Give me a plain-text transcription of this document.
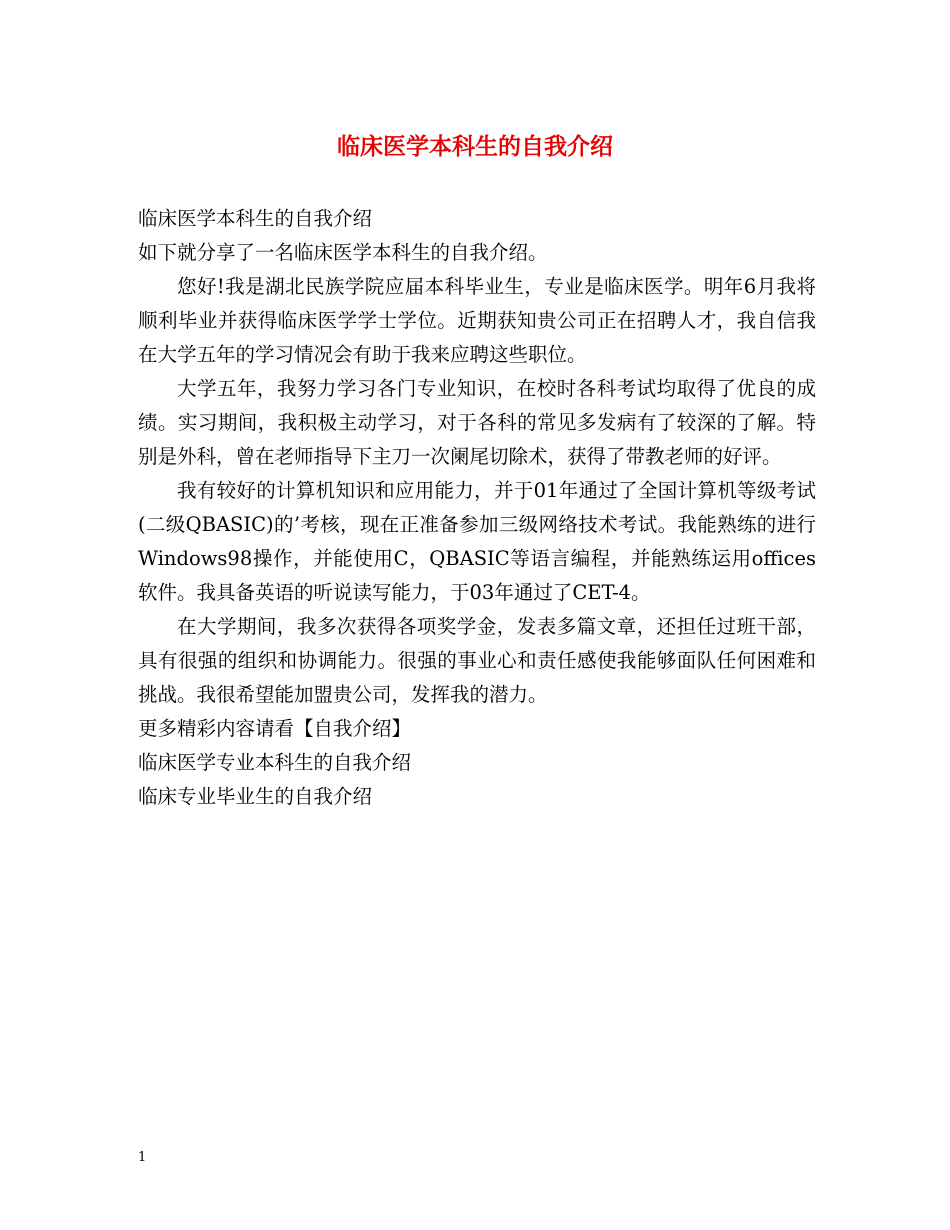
临床医学本科生的自我介绍

临床医学本科生的自我介绍

如下就分享了一名临床医学本科生的自我介绍。

您好!我是湖北民族学院应届本科毕业生，专业是临床医学。明年6月我将顺利毕业并获得临床医学学士学位。近期获知贵公司正在招聘人才，我自信我在大学五年的学习情况会有助于我来应聘这些职位。

大学五年，我努力学习各门专业知识，在校时各科考试均取得了优良的成绩。实习期间，我积极主动学习，对于各科的常见多发病有了较深的了解。特别是外科，曾在老师指导下主刀一次阑尾切除术，获得了带教老师的好评。

我有较好的计算机知识和应用能力，并于01年通过了全国计算机等级考试(二级QBASIC)的’考核，现在正准备参加三级网络技术考试。我能熟练的进行Windows98操作，并能使用C，QBASIC等语言编程，并能熟练运用offices软件。我具备英语的听说读写能力，于03年通过了CET-4。

在大学期间，我多次获得各项奖学金，发表多篇文章，还担任过班干部，具有很强的组织和协调能力。很强的事业心和责任感使我能够面队任何困难和挑战。我很希望能加盟贵公司，发挥我的潜力。

更多精彩内容请看【自我介绍】

临床医学专业本科生的自我介绍

临床专业毕业生的自我介绍

1
